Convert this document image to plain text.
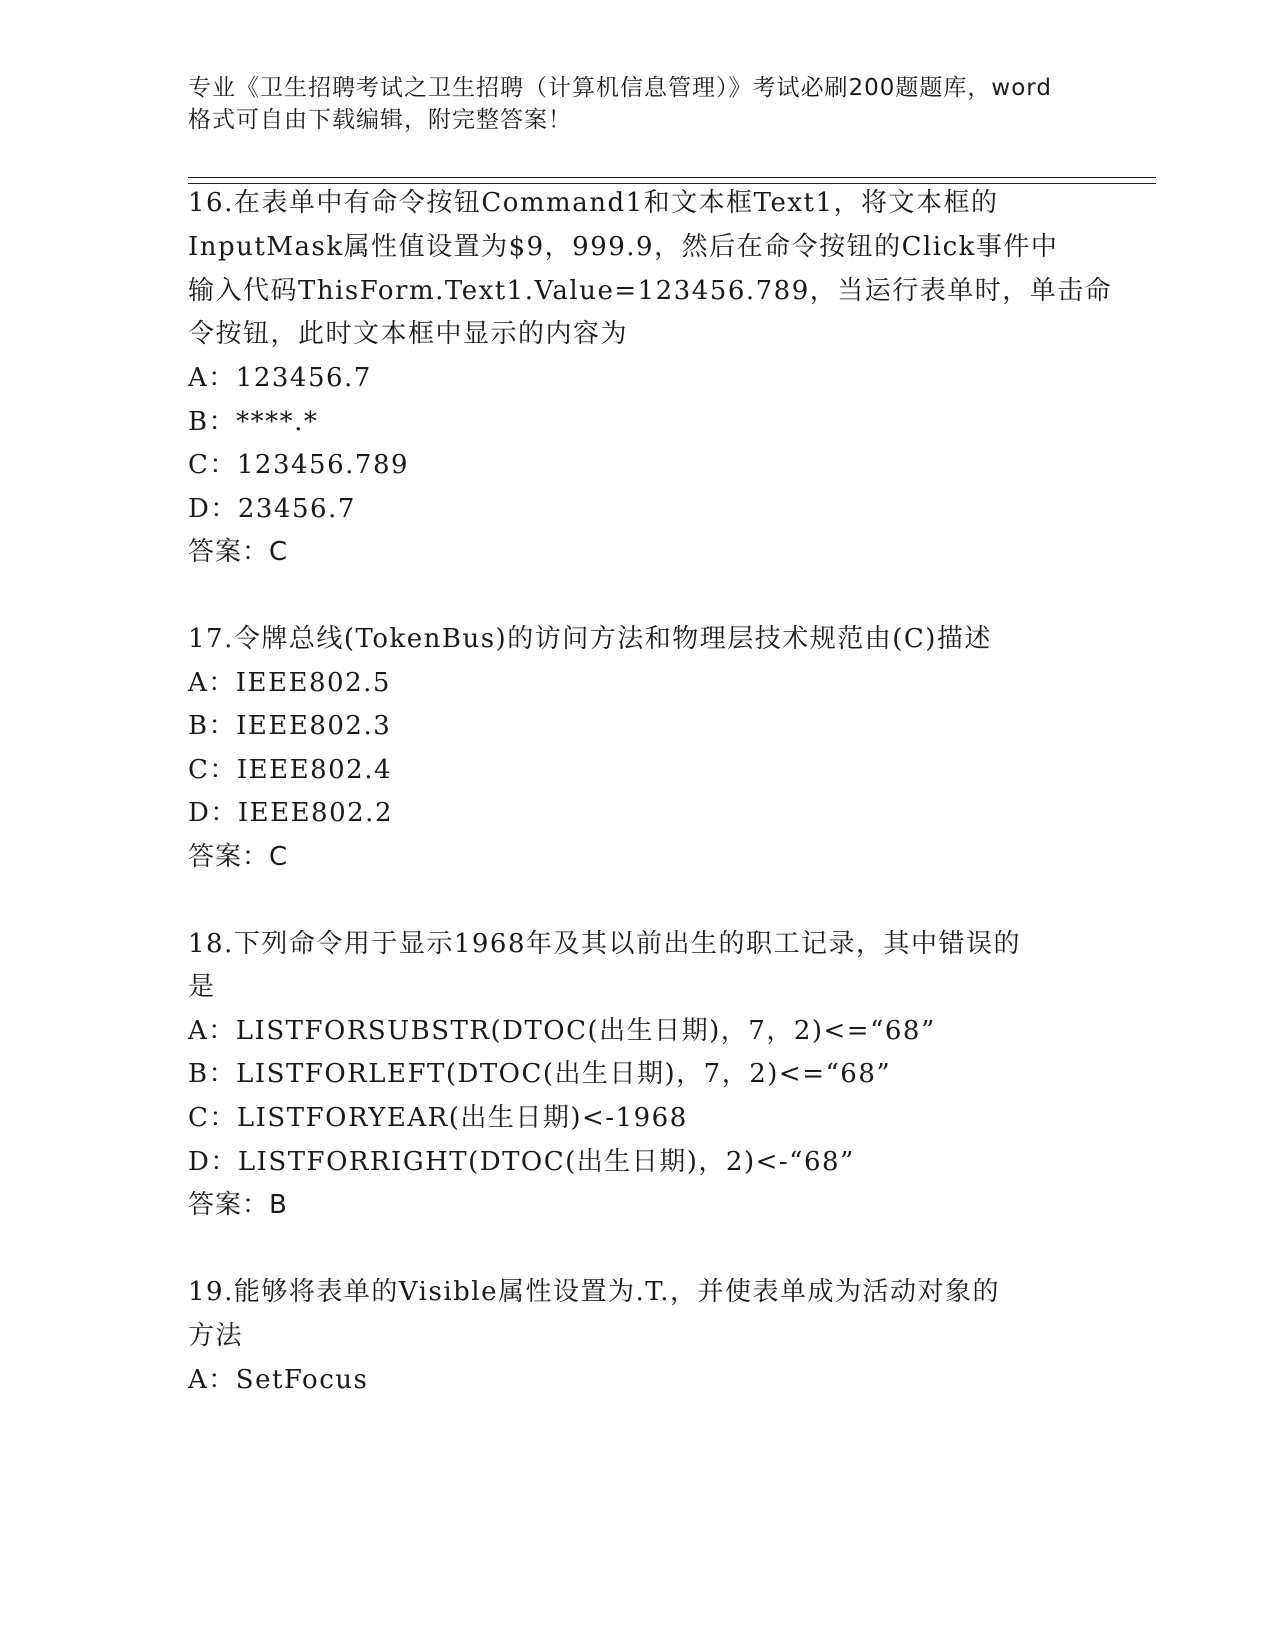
专业《卫生招聘考试之卫生招聘（计算机信息管理）》考试必刷200题题库，word
格式可自由下载编辑，附完整答案！
16.在表单中有命令按钮Command1和文本框Text1，将文本框的
InputMask属性值设置为$9，999.9，然后在命令按钮的Click事件中
输入代码ThisForm.Text1.Value=123456.789，当运行表单时，单击命
令按钮，此时文本框中显示的内容为
A：123456.7
B：****.*
C：123456.789
D：23456.7
答案：C
17.令牌总线(TokenBus)的访问方法和物理层技术规范由(C)描述
A：IEEE802.5
B：IEEE802.3
C：IEEE802.4
D：IEEE802.2
答案：C
18.下列命令用于显示1968年及其以前出生的职工记录，其中错误的
是
A：LISTFORSUBSTR(DTOC(出生日期)，7，2)<=“68”
B：LISTFORLEFT(DTOC(出生日期)，7，2)<=“68”
C：LISTFORYEAR(出生日期)<-1968
D：LISTFORRIGHT(DTOC(出生日期)，2)<-“68”
答案：B
19.能够将表单的Visible属性设置为.T.，并使表单成为活动对象的
方法
A：SetFocus
